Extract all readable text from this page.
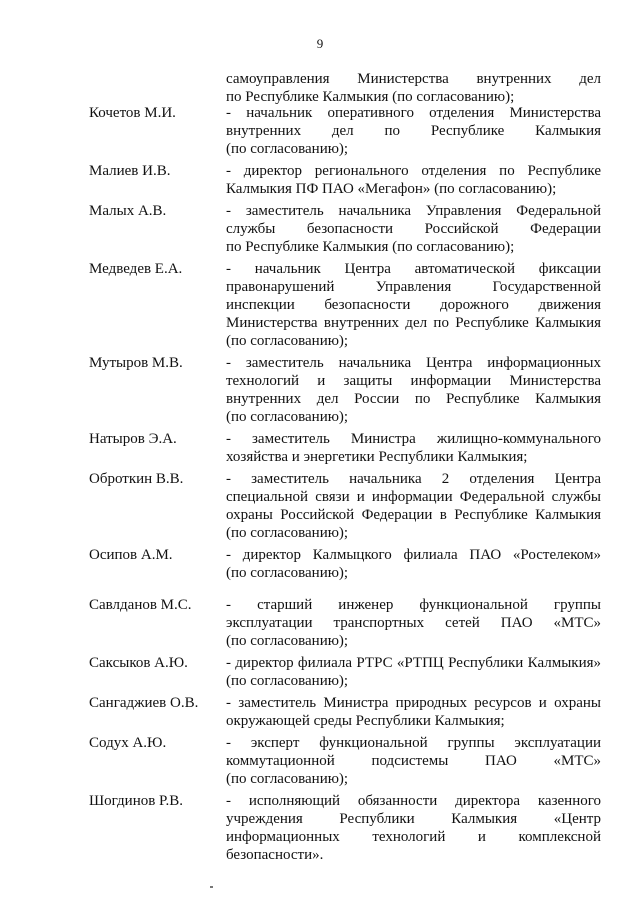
9
самоуправления Министерства внутренних дел
по Республике Калмыкия (по согласованию);
Кочетов М.И.	- начальник оперативного отделения Министерства
внутренних дел по Республике Калмыкия
(по согласованию);
Малиев И.В.	- директор регионального отделения по Республике
Калмыкия ПФ ПАО «Мегафон» (по согласованию);
Малых А.В.	- заместитель начальника Управления Федеральной
службы безопасности Российской Федерации
по Республике Калмыкия (по согласованию);
Медведев Е.А.	- начальник Центра автоматической фиксации
правонарушений Управления Государственной
инспекции безопасности дорожного движения
Министерства внутренних дел по Республике Калмыкия
(по согласованию);
Мутыров М.В.	- заместитель начальника Центра информационных
технологий и защиты информации Министерства
внутренних дел России по Республике Калмыкия
(по согласованию);
Натыров Э.А.	- заместитель Министра жилищно-коммунального
хозяйства и энергетики Республики Калмыкия;
Оброткин В.В.	- заместитель начальника 2 отделения Центра
специальной связи и информации Федеральной службы
охраны Российской Федерации в Республике Калмыкия
(по согласованию);
Осипов А.М.	- директор Калмыцкого филиала ПАО «Ростелеком»
(по согласованию);
Савлданов М.С. - старший инженер функциональной группы
эксплуатации транспортных сетей ПАО «МТС»
(по согласованию);
Саксыков А.Ю.	- директор филиала РТРС «РТПЦ Республики Калмыкия»
(по согласованию);
Сангаджиев О.В. - заместитель Министра природных ресурсов и охраны
окружающей среды Республики Калмыкия;
Содух А.Ю.	- эксперт функциональной группы эксплуатации
коммутационной подсистемы ПАО «МТС»
(по согласованию);
Шогдинов Р.В.	- исполняющий обязанности директора казенного
учреждения Республики Калмыкия «Центр
информационных технологий и комплексной
безопасности».
